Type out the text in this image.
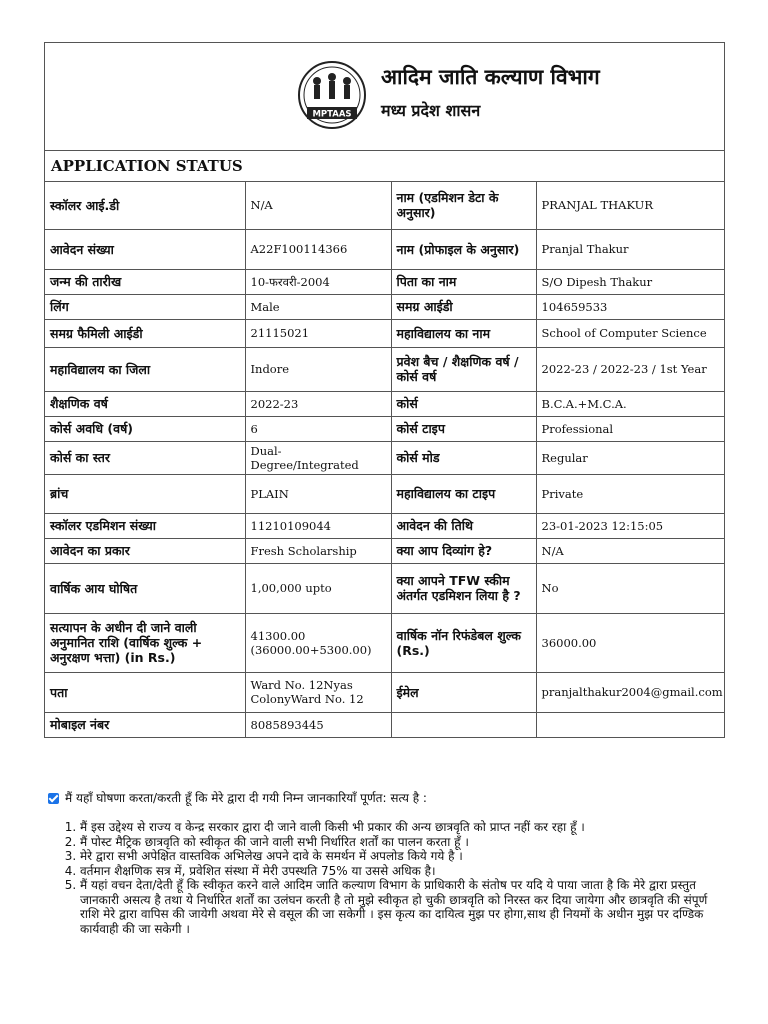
MPTAAS
आदिम जाति कल्याण विभाग
मध्य प्रदेश शासन
APPLICATION STATUS
स्कॉलर आई.डी	N/A	नाम (एडमिशन डेटा के अनुसार)	PRANJAL THAKUR
आवेदन संख्या	A22F100114366	नाम (प्रोफाइल के अनुसार)	Pranjal Thakur
जन्म की तारीख	10-फरवरी-2004	पिता का नाम	S/O Dipesh Thakur
लिंग	Male	समग्र आईडी	104659533
समग्र फैमिली आईडी	21115021	महाविद्यालय का नाम	School of Computer Science
महाविद्यालय का जिला	Indore	प्रवेश बैच / शैक्षणिक वर्ष / कोर्स वर्ष	2022-23 / 2022-23 / 1st Year
शैक्षणिक वर्ष	2022-23	कोर्स	B.C.A.+M.C.A.
कोर्स अवधि (वर्ष)	6	कोर्स टाइप	Professional
कोर्स का स्तर	Dual-Degree/Integrated	कोर्स मोड	Regular
ब्रांच	PLAIN	महाविद्यालय का टाइप	Private
स्कॉलर एडमिशन संख्या	11210109044	आवेदन की तिथि	23-01-2023 12:15:05
आवेदन का प्रकार	Fresh Scholarship	क्या आप दिव्यांग हे?	N/A
वार्षिक आय घोषित	1,00,000 upto	क्या आपने TFW स्कीम अंतर्गत एडमिशन लिया है ?	No
सत्यापन के अधीन दी जाने वाली अनुमानित राशि (वार्षिक शुल्क + अनुरक्षण भत्ता) (in Rs.)	41300.00 (36000.00+5300.00)	वार्षिक नॉन रिफंडेबल शुल्क (Rs.)	36000.00
पता	Ward No. 12Nyas ColonyWard No. 12	ईमेल	pranjalthakur2004@gmail.com
मोबाइल नंबर	8085893445		
मैं यहाँ घोषणा करता/करती हूँ कि मेरे द्वारा दी गयी निम्न जानकारियाँ पूर्णत: सत्य है :
1. मैं इस उद्देश्य से राज्य व केन्द्र सरकार द्वारा दी जाने वाली किसी भी प्रकार की अन्य छात्रवृति को प्राप्त नहीं कर रहा हूँ ।
2. मैं पोस्ट मैट्रिक छात्रवृति को स्वीकृत की जाने वाली सभी निर्धारित शर्तों का पालन करता हूँ ।
3. मेरे द्वारा सभी अपेक्षित वास्तविक अभिलेख अपने दावे के समर्थन में अपलोड किये गये है ।
4. वर्तमान शैक्षणिक सत्र में, प्रवेशित संस्था में मेरी उपस्थति 75% या उससे अधिक है।
5. मैं यहां वचन देता/देती हूँ कि स्वीकृत करने वाले आदिम जाति कल्याण विभाग के प्राधिकारी के संतोष पर यदि ये पाया जाता है कि मेरे द्वारा प्रस्तुत जानकारी असत्य है तथा ये निर्धारित शर्तों का उलंघन करती है तो मुझे स्वीकृत हो चुकी छात्रवृति को निरस्त कर दिया जायेगा और छात्रवृति की संपूर्ण राशि मेरे द्वारा वापिस की जायेगी अथवा मेरे से वसूल की जा सकेगी । इस कृत्य का दायित्व मुझ पर होगा,साथ ही नियमों के अधीन मुझ पर दण्डिक कार्यवाही की जा सकेगी ।
